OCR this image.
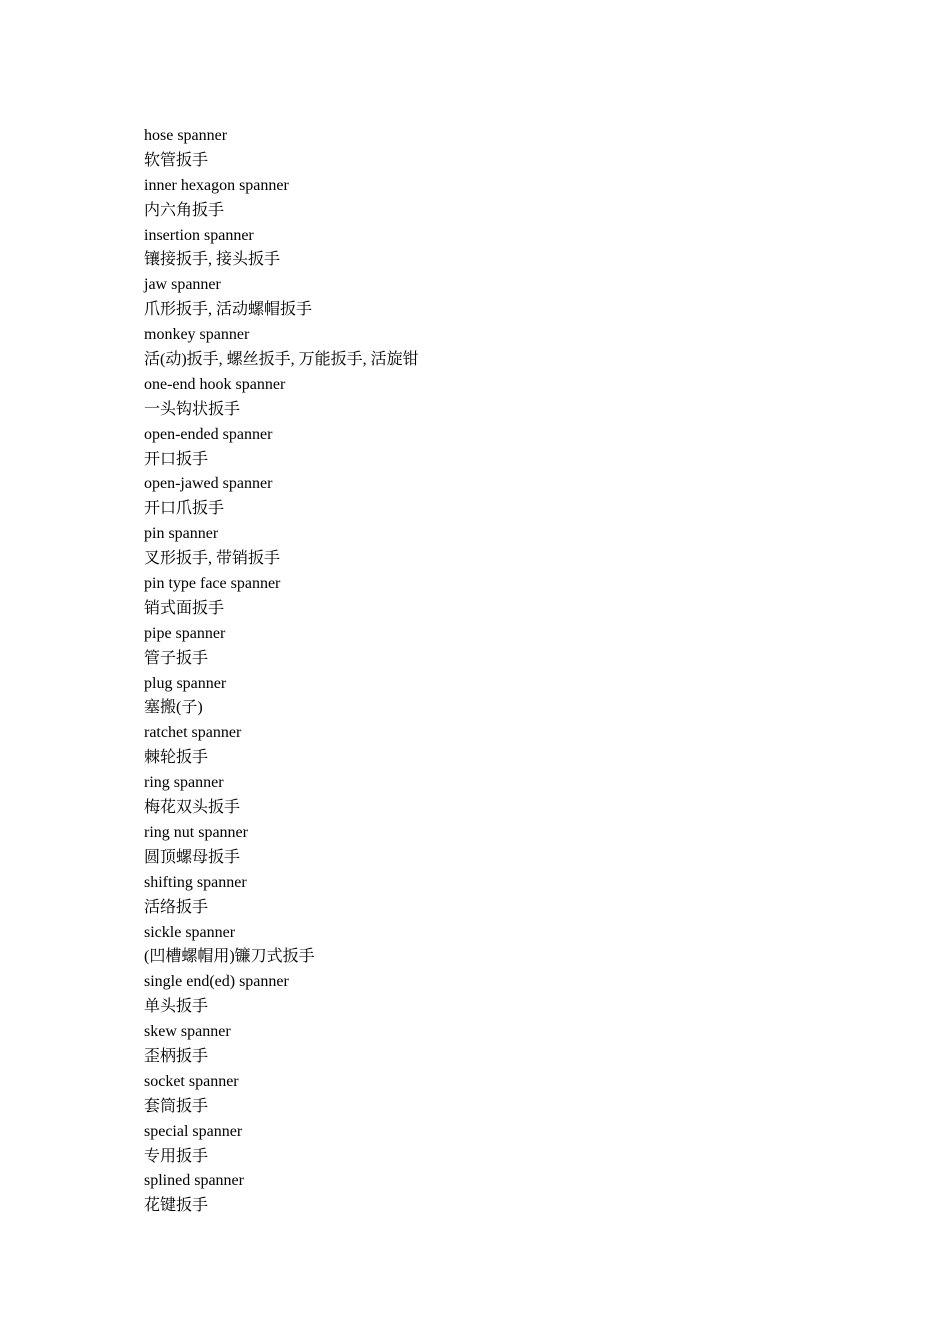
hose spanner
软管扳手
inner hexagon spanner
内六角扳手
insertion spanner
镶接扳手, 接头扳手
jaw spanner
爪形扳手, 活动螺帽扳手
monkey spanner
活(动)扳手, 螺丝扳手, 万能扳手, 活旋钳
one-end hook spanner
一头钩状扳手
open-ended spanner
开口扳手
open-jawed spanner
开口爪扳手
pin spanner
叉形扳手, 带销扳手
pin type face spanner
销式面扳手
pipe spanner
管子扳手
plug spanner
塞搬(子)
ratchet spanner
棘轮扳手
ring spanner
梅花双头扳手
ring nut spanner
圆顶螺母扳手
shifting spanner
活络扳手
sickle spanner
(凹槽螺帽用)镰刀式扳手
single end(ed) spanner
单头扳手
skew spanner
歪柄扳手
socket spanner
套筒扳手
special spanner
专用扳手
splined spanner
花键扳手
